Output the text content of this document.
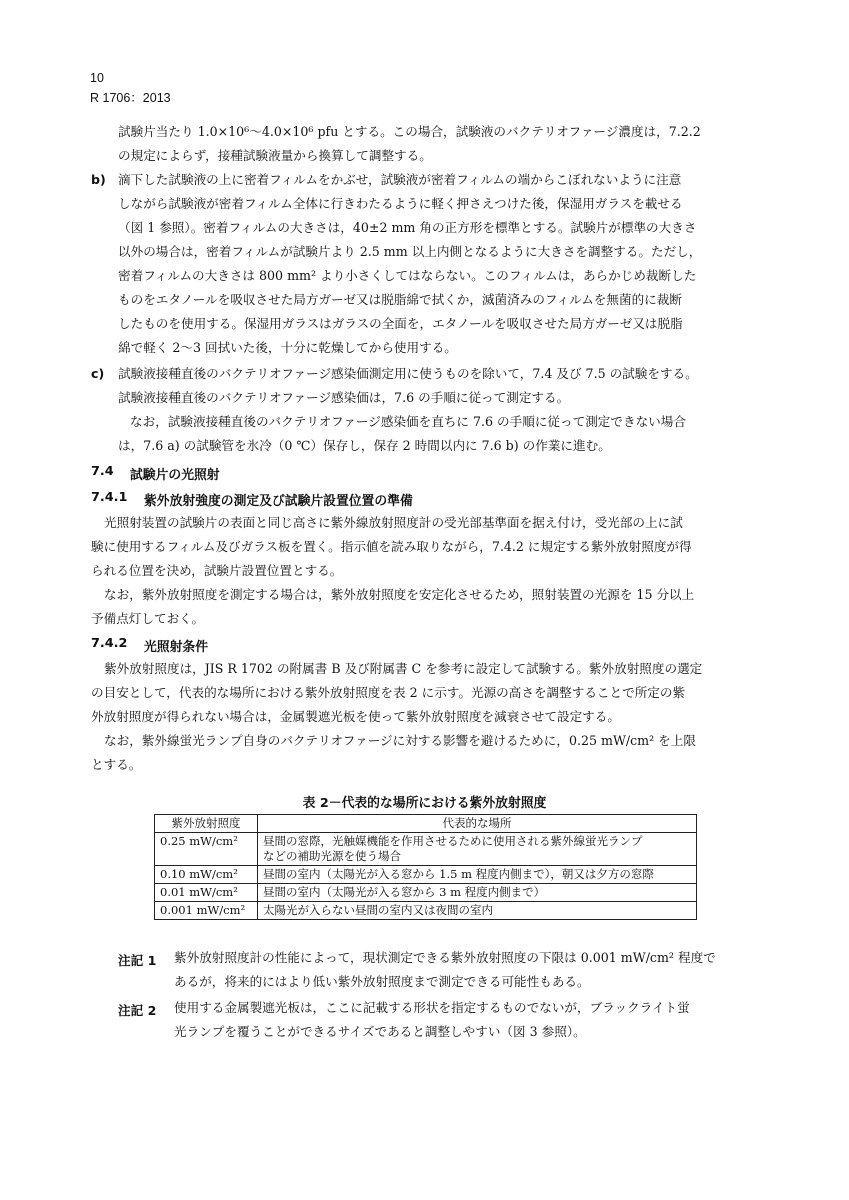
10
R 1706：2013
試験片当たり 1.0×10⁶～4.0×10⁶ pfu とする。この場合，試験液のバクテリオファージ濃度は，7.2.2
の規定によらず，接種試験液量から換算して調整する。
b) 滴下した試験液の上に密着フィルムをかぶせ，試験液が密着フィルムの端からこぼれないように注意
しながら試験液が密着フィルム全体に行きわたるように軽く押さえつけた後，保湿用ガラスを載せる
（図 1 参照）。密着フィルムの大きさは，40±2 mm 角の正方形を標準とする。試験片が標準の大きさ
以外の場合は，密着フィルムが試験片より 2.5 mm 以上内側となるように大きさを調整する。ただし，
密着フィルムの大きさは 800 mm² より小さくしてはならない。このフィルムは，あらかじめ裁断した
ものをエタノールを吸収させた局方ガーゼ又は脱脂綿で拭くか，滅菌済みのフィルムを無菌的に裁断
したものを使用する。保湿用ガラスはガラスの全面を，エタノールを吸収させた局方ガーゼ又は脱脂
綿で軽く 2～3 回拭いた後，十分に乾燥してから使用する。
c) 試験液接種直後のバクテリオファージ感染価測定用に使うものを除いて，7.4 及び 7.5 の試験をする。
試験液接種直後のバクテリオファージ感染価は，7.6 の手順に従って測定する。
なお，試験液接種直後のバクテリオファージ感染価を直ちに 7.6 の手順に従って測定できない場合
は，7.6 a) の試験管を氷冷（0 ℃）保存し，保存 2 時間以内に 7.6 b) の作業に進む。
7.4 試験片の光照射
7.4.1 紫外放射強度の測定及び試験片設置位置の準備
光照射装置の試験片の表面と同じ高さに紫外線放射照度計の受光部基準面を据え付け，受光部の上に試
験に使用するフィルム及びガラス板を置く。指示値を読み取りながら，7.4.2 に規定する紫外放射照度が得
られる位置を決め，試験片設置位置とする。
なお，紫外放射照度を測定する場合は，紫外放射照度を安定化させるため，照射装置の光源を 15 分以上
予備点灯しておく。
7.4.2 光照射条件
紫外放射照度は，JIS R 1702 の附属書 B 及び附属書 C を参考に設定して試験する。紫外放射照度の選定
の目安として，代表的な場所における紫外放射照度を表 2 に示す。光源の高さを調整することで所定の紫
外放射照度が得られない場合は，金属製遮光板を使って紫外放射照度を減衰させて設定する。
なお，紫外線蛍光ランプ自身のバクテリオファージに対する影響を避けるために，0.25 mW/cm² を上限
とする。
表 2－代表的な場所における紫外放射照度
紫外放射照度	代表的な場所
0.25 mW/cm²	昼間の窓際，光触媒機能を作用させるために使用される紫外線蛍光ランプ
などの補助光源を使う場合

0.10 mW/cm²	昼間の室内（太陽光が入る窓から 1.5 m 程度内側まで），朝又は夕方の窓際
0.01 mW/cm²	昼間の室内（太陽光が入る窓から 3 m 程度内側まで）
0.001 mW/cm²	太陽光が入らない昼間の室内又は夜間の室内
注記 1 紫外放射照度計の性能によって，現状測定できる紫外放射照度の下限は 0.001 mW/cm² 程度で
あるが，将来的にはより低い紫外放射照度まで測定できる可能性もある。
注記 2 使用する金属製遮光板は，ここに記載する形状を指定するものでないが，ブラックライト蛍
光ランプを覆うことができるサイズであると調整しやすい（図 3 参照）。
